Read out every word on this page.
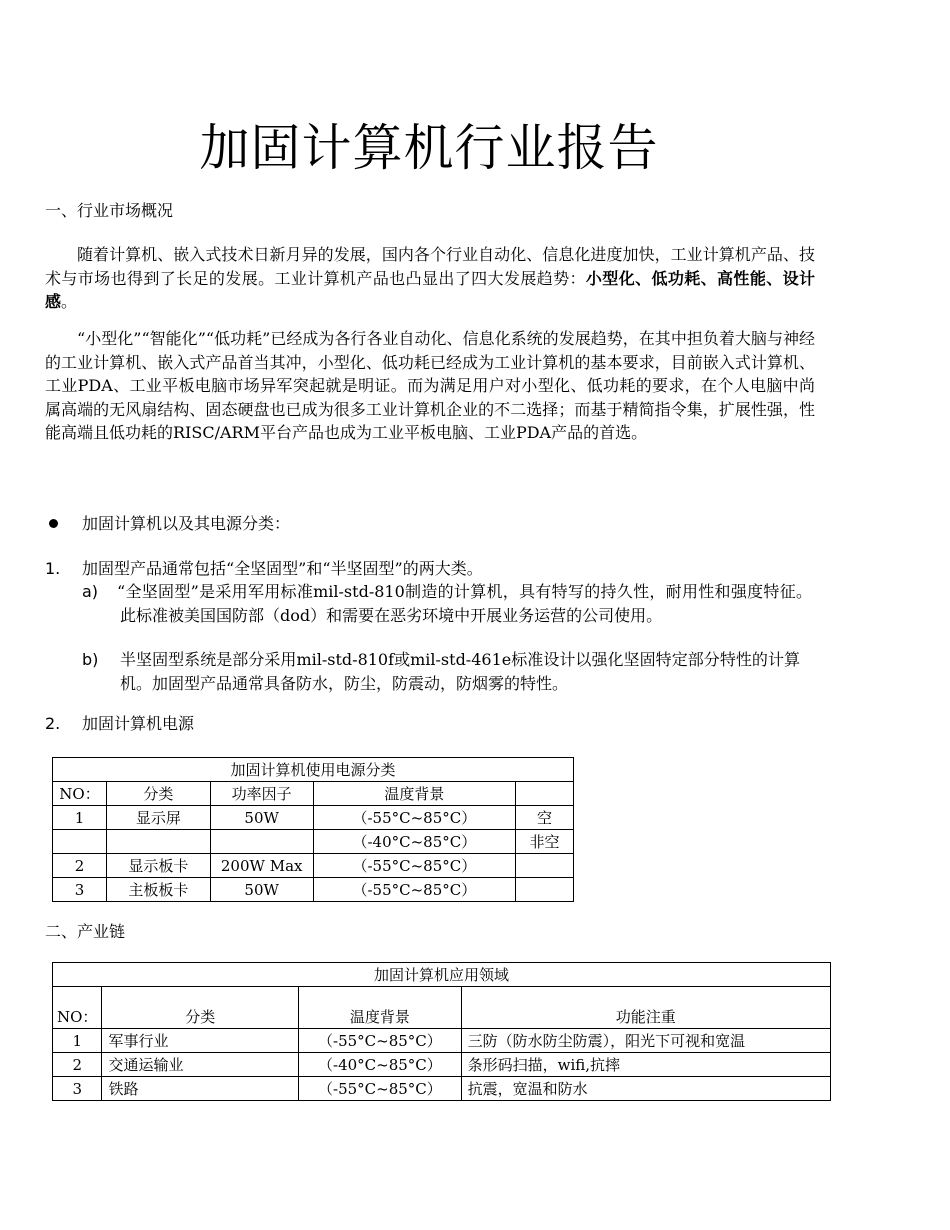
加固计算机行业报告
一、行业市场概况
随着计算机、嵌入式技术日新月异的发展，国内各个行业自动化、信息化进度加快，工业计算机产品、技术与市场也得到了长足的发展。工业计算机产品也凸显出了四大发展趋势：小型化、低功耗、高性能、设计感。
“小型化”“智能化”“低功耗”已经成为各行各业自动化、信息化系统的发展趋势，在其中担负着大脑与神经的工业计算机、嵌入式产品首当其冲，小型化、低功耗已经成为工业计算机的基本要求，目前嵌入式计算机、工业PDA、工业平板电脑市场异军突起就是明证。而为满足用户对小型化、低功耗的要求，在个人电脑中尚属高端的无风扇结构、固态硬盘也已成为很多工业计算机企业的不二选择；而基于精简指令集，扩展性强，性能高端且低功耗的RISC/ARM平台产品也成为工业平板电脑、工业PDA产品的首选。
加固计算机以及其电源分类：
1. 加固型产品通常包括“全坚固型”和“半坚固型”的两大类。
a) “全坚固型”是采用军用标准mil-std-810制造的计算机，具有特写的持久性，耐用性和强度特征。此标准被美国国防部（dod）和需要在恶劣环境中开展业务运营的公司使用。
b) 半坚固型系统是部分采用mil-std-810f或mil-std-461e标准设计以强化坚固特定部分特性的计算机。加固型产品通常具备防水，防尘，防震动，防烟雾的特性。
2. 加固计算机电源
加固计算机使用电源分类				
NO：	分类	功率因子	温度背景	
1	显示屏	50W	（-55°C~85°C）	空
			（-40°C~85°C）	非空
2	显示板卡	200W Max	（-55°C~85°C）	
3	主板板卡	50W	（-55°C~85°C）	
二、产业链
加固计算机应用领域			
NO：	分类	温度背景	功能注重
1	军事行业	（-55°C~85°C）	三防（防水防尘防震），阳光下可视和宽温
2	交通运输业	（-40°C~85°C）	条形码扫描，wifi,抗摔
3	铁路	（-55°C~85°C）	抗震，宽温和防水
